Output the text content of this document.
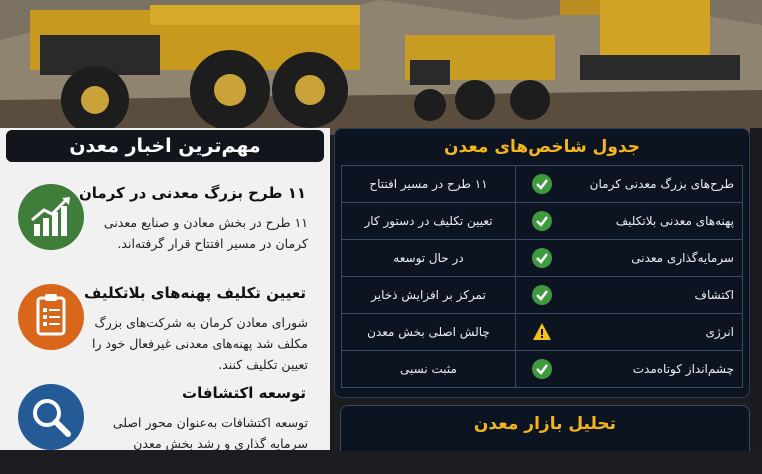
مهم‌ترین اخبار معدن
۱۱ طرح بزرگ معدنی در کرمان
۱۱ طرح در بخش معادن و صنایع معدنی کرمان در مسیر افتتاح قرار گرفته‌اند.
تعیین تکلیف پهنه‌های بلاتکلیف
شورای معادن کرمان به شرکت‌های بزرگ مکلف شد پهنه‌های معدنی غیرفعال خود را تعیین تکلیف کنند.
توسعه اکتشافات
توسعه اکتشافات به‌عنوان محور اصلی سرمایه گذاری و رشد بخش معدن
جدول شاخص‌های معدن
طرح‌های بزرگ معدنی کرمان	۱۱ طرح در مسیر افتتاح
پهنه‌های معدنی بلاتکلیف	تعیین تکلیف در دستور کار
سرمایه‌گذاری معدنی	در حال توسعه
اکتشاف	تمرکز بر افزایش ذخایر
انرژی	چالش اصلی بخش معدن
چشم‌انداز کوتاه‌مدت	مثبت نسبی
تحلیل بازار معدن
